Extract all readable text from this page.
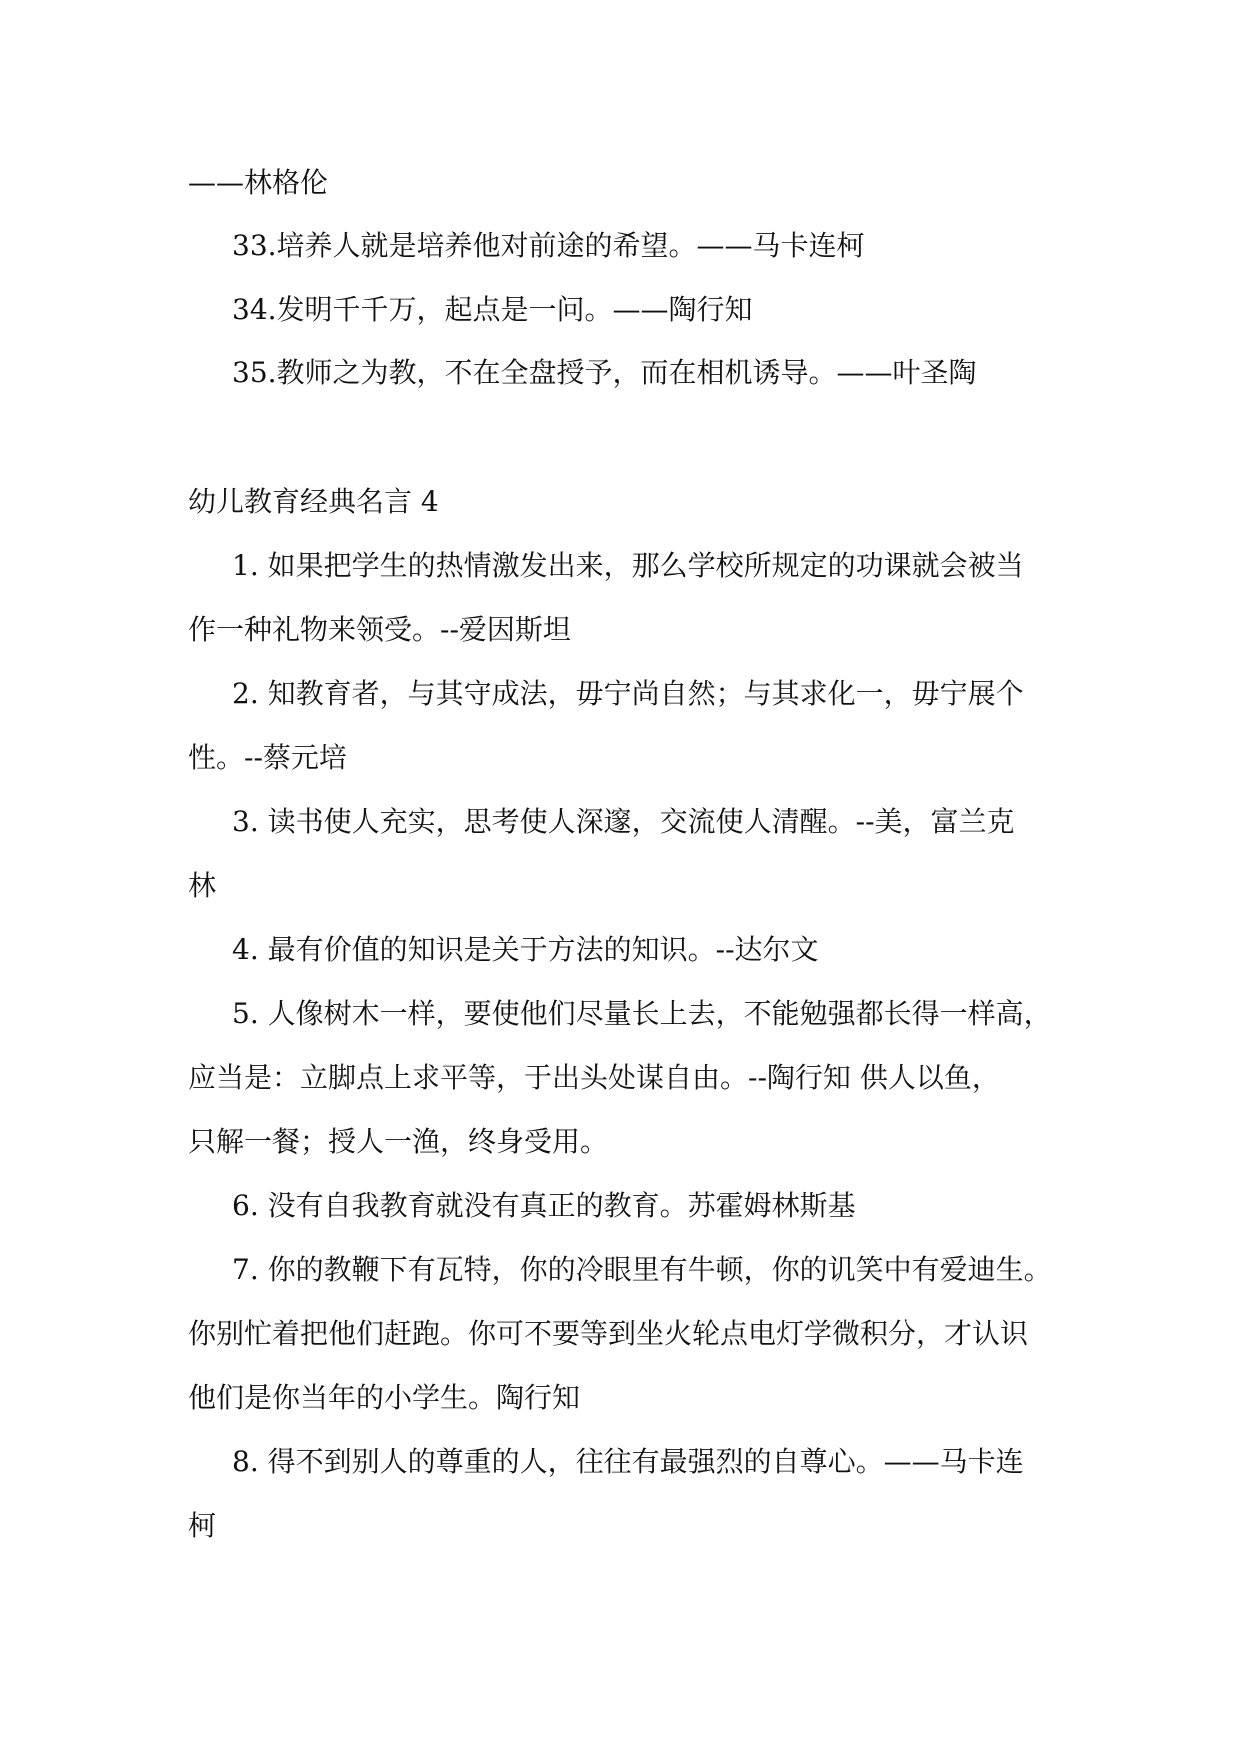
——林格伦
33.培养人就是培养他对前途的希望。——马卡连柯
34.发明千千万，起点是一问。——陶行知
35.教师之为教，不在全盘授予，而在相机诱导。——叶圣陶
幼儿教育经典名言 4
1. 如果把学生的热情激发出来，那么学校所规定的功课就会被当
作一种礼物来领受。--爱因斯坦
2. 知教育者，与其守成法，毋宁尚自然；与其求化一，毋宁展个
性。--蔡元培
3. 读书使人充实，思考使人深邃，交流使人清醒。--美，富兰克
林
4. 最有价值的知识是关于方法的知识。--达尔文
5. 人像树木一样，要使他们尽量长上去，不能勉强都长得一样高，
应当是：立脚点上求平等，于出头处谋自由。--陶行知 供人以鱼，
只解一餐；授人一渔，终身受用。
6. 没有自我教育就没有真正的教育。苏霍姆林斯基
7. 你的教鞭下有瓦特，你的冷眼里有牛顿，你的讥笑中有爱迪生。
你别忙着把他们赶跑。你可不要等到坐火轮点电灯学微积分，才认识
他们是你当年的小学生。陶行知
8. 得不到别人的尊重的人，往往有最强烈的自尊心。——马卡连
柯
